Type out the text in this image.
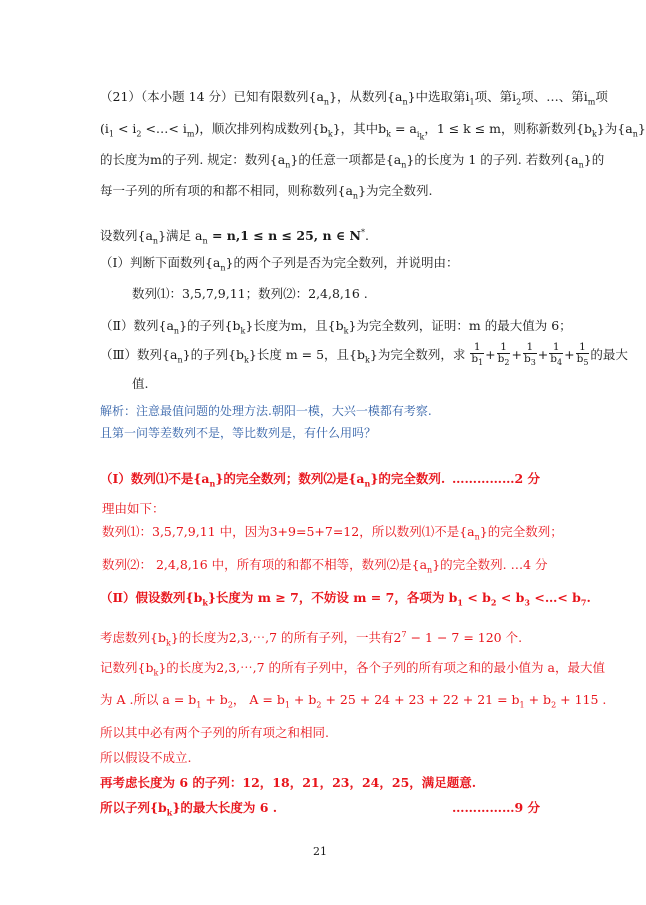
（21）（本小题 14 分）已知有限数列$\{a_n\}$，从数列$\{a_n\}$中选取第$i_1$项、第$i_2$项、…、第$i_m$项
($i_1 < i_2$ <…< $i_m$)，顺次排列构成数列$\{b_k\}$，其中$b_k = a_{i_k}$，1 ≤ k ≤ m，则称新数列$\{b_k\}$为$\{a_n\}$
的长度为m的子列. 规定：数列$\{a_n\}$的任意一项都是$\{a_n\}$的长度为 1 的子列. 若数列$\{a_n\}$的
每一子列的所有项的和都不相同，则称数列$\{a_n\}$为完全数列.
设数列$\{a_n\}$满足 $a_n = n,1 \le n \le 25$, n ∈ N*.
（Ⅰ）判断下面数列$\{a_n\}$的两个子列是否为完全数列，并说明由：
数列⑴：3,5,7,9,11；数列⑵：2,4,8,16 .
（Ⅱ）数列$\{a_n\}$的子列$\{b_k\}$长度为m，且$\{b_k\}$为完全数列，证明：m 的最大值为 6；
（Ⅲ）数列$\{a_n\}$的子列$\{b_k\}$长度 m = 5，且$\{b_k\}$为完全数列，求 $\frac{1}{b_1} + \frac{1}{b_2} + \frac{1}{b_3} + \frac{1}{b_4} + \frac{1}{b_5}$ 的最大
值.
解析：注意最值问题的处理方法.朝阳一模，大兴一模都有考察.
且第一问等差数列不是，等比数列是，有什么用吗？
（Ⅰ）数列⑴不是$\{a_n\}$的完全数列；数列⑵是$\{a_n\}$的完全数列. ……………2 分
理由如下：
数列⑴：3,5,7,9,11 中，因为3+9=5+7=12，所以数列⑴不是$\{a_n\}$的完全数列；
数列⑵： 2,4,8,16 中，所有项的和都不相等，数列⑵是$\{a_n\}$的完全数列. …4 分
（Ⅱ）假设数列$\{b_k\}$长度为 m ≥ 7，不妨设 m = 7，各项为 $b_1 < b_2 < b_3$ <…< $b_7$.
考虑数列$\{b_k\}$的长度为2,3,⋯,7 的所有子列，一共有$2^7 - 1 - 7 = 120$ 个.
记数列$\{b_k\}$的长度为2,3,⋯,7 的所有子列中，各个子列的所有项之和的最小值为 a，最大值
为 A .所以 $a = b_1 + b_2$， $A = b_1 + b_2 + 25 + 24 + 23 + 22 + 21 = b_1 + b_2 + 115$ .
所以其中必有两个子列的所有项之和相同.
所以假设不成立.
再考虑长度为 6 的子列：12，18，21，23，24，25，满足题意.
所以子列$\{b_k\}$的最大长度为 6 .	……………9 分
21
